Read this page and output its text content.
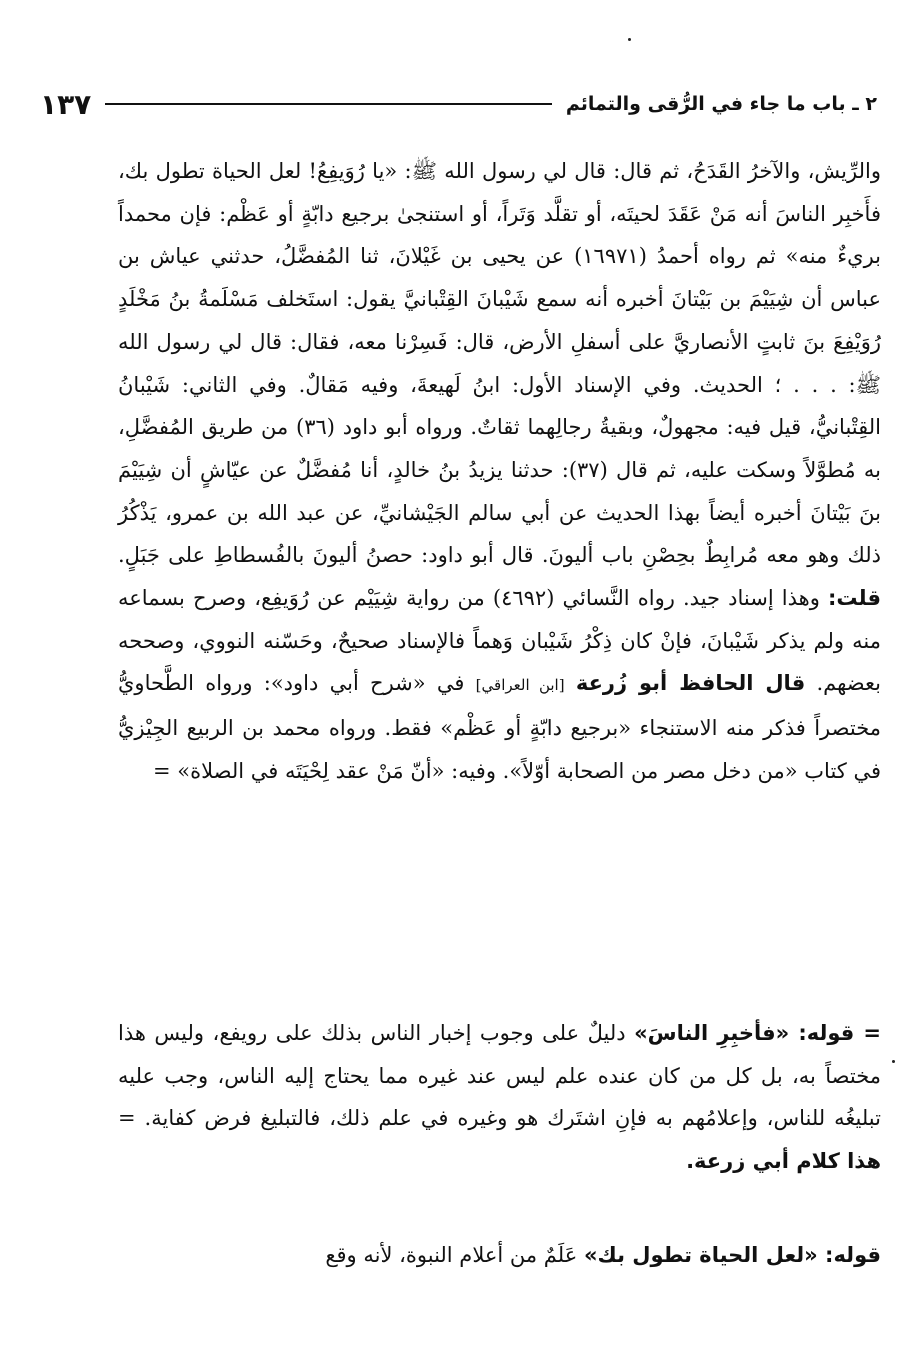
٢ ـ باب ما جاء في الرُّقى والتمائم
١٣٧

والرِّيش، والآخرُ القَدَحُ، ثم قال: قال لي رسول الله ﷺ: «يا رُوَيفِعُ! لعل الحياة تطول بك، فأَخبِر الناسَ أنه مَنْ عَقَدَ لحيتَه، أو تقلَّد وَتَراً، أو استنجىٰ برجيع دابّةٍ أو عَظْم: فإن محمداً بريءٌ منه» ثم رواه أحمدُ (١٦٩٧١) عن يحيى بن غَيْلانَ، ثنا المُفضَّلُ، حدثني عياش بن عباس أن شِيَيْمَ بن بَيْتانَ أخبره أنه سمع شَيْبانَ القِتْبانيَّ يقول: استَخلف مَسْلَمةُ بنُ مَخْلَدٍ رُوَيْفِعَ بنَ ثابتٍ الأنصاريَّ على أسفلِ الأرض، قال: فَسِرْنا معه، فقال: قال لي رسول الله ﷺ: . . . ؛ الحديث. وفي الإسناد الأول: ابنُ لَهيعةَ، وفيه مَقالٌ. وفي الثاني: شَيْبانُ القِتْبانيُّ، قيل فيه: مجهولٌ، وبقيةُ رجالِهما ثقاتٌ. ورواه أبو داود (٣٦) من طريق المُفضَّلِ، به مُطوَّلاً وسكت عليه، ثم قال (٣٧): حدثنا يزيدُ بنُ خالدٍ، أنا مُفضَّلٌ عن عيّاشٍ أن شِيَيْمَ بنَ بَيْتانَ أخبره أيضاً بهذا الحديث عن أبي سالم الجَيْشانيِّ، عن عبد الله بن عمرو، يَذْكُرُ ذلك وهو معه مُرابِطٌ بحِصْنِ باب أليونَ. قال أبو داود: حصنُ أليونَ بالفُسطاطِ على جَبَلٍ. قلت: وهذا إسناد جيد. رواه النَّسائي (٤٦٩٢) من رواية شِيَيْم عن رُوَيفِع، وصرح بسماعه منه ولم يذكر شَيْبانَ، فإنْ كان ذِكْرُ شَيْبان وَهماً فالإسناد صحيحٌ، وحَسّنه النووي، وصححه بعضهم. قال الحافظ أبو زُرعة [ابن العراقي] في «شرح أبي داود»: ورواه الطَّحاويُّ مختصراً فذكر منه الاستنجاء «برجيع دابّةٍ أو عَظْم» فقط. ورواه محمد بن الربيع الجِيْزيُّ في كتاب «من دخل مصر من الصحابة أوّلاً». وفيه: «أنّ مَنْ عقد لِحْيَتَه في الصلاة» =

= قوله: «فأخبِرِ الناسَ» دليلٌ على وجوب إخبار الناس بذلك على رويفع، وليس هذا مختصاً به، بل كل من كان عنده علم ليس عند غيره مما يحتاج إليه الناس، وجب عليه تبليغُه للناس، وإعلامُهم به فإنِ اشتَرك هو وغيره في علم ذلك، فالتبليغ فرض كفاية. = هذا كلام أبي زرعة.

قوله: «لعل الحياة تطول بك» عَلَمٌ من أعلام النبوة، لأنه وقع
